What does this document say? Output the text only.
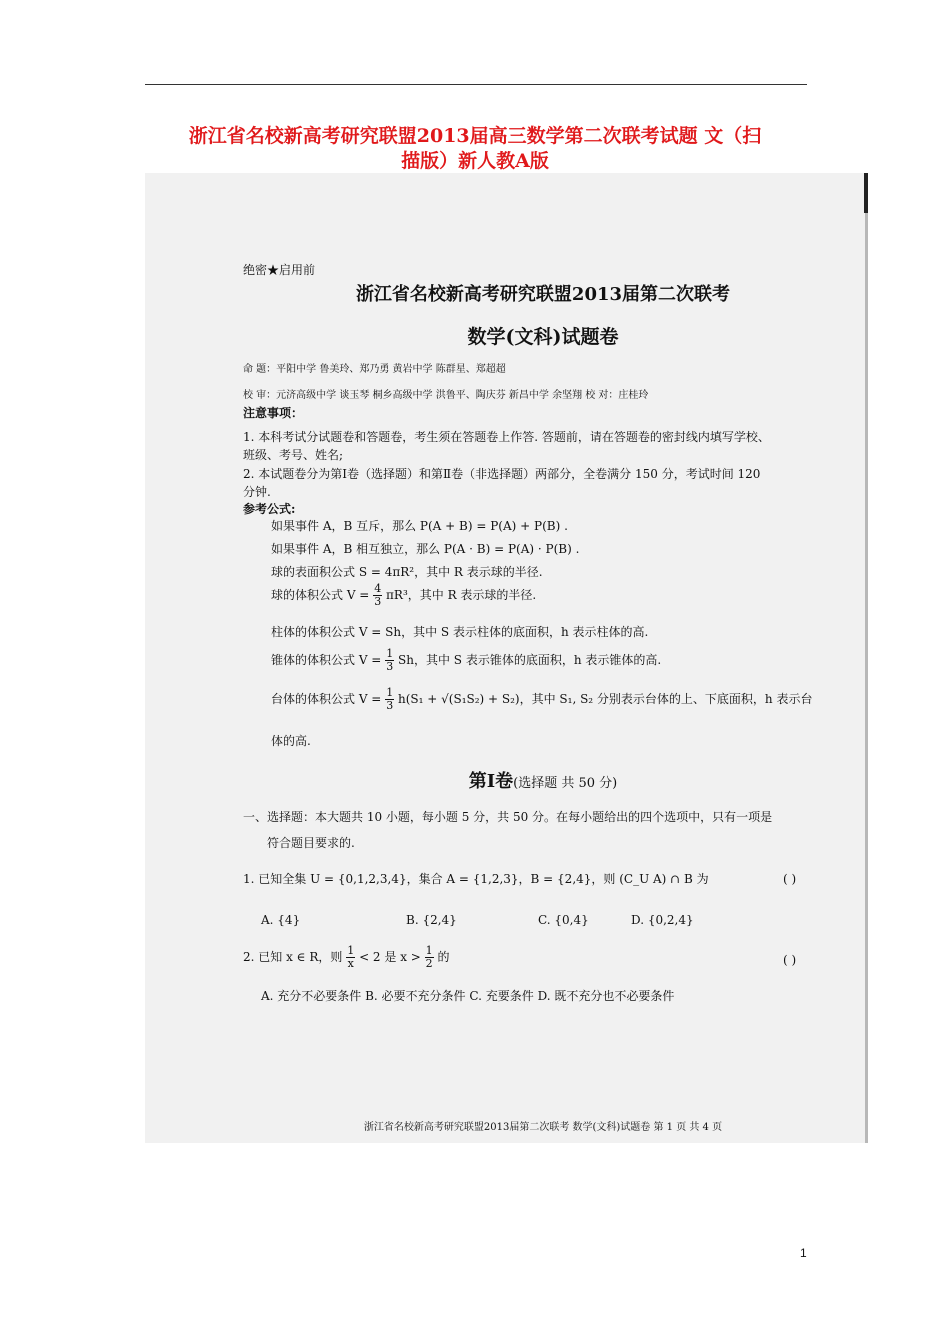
浙江省名校新高考研究联盟2013届高三数学第二次联考试题 文（扫
描版）新人教A版
绝密★启用前
浙江省名校新高考研究联盟2013届第二次联考
数学(文科)试题卷
命 题：平阳中学 鲁美玲、郑乃勇 黄岩中学 陈群星、郑超超
校 审：元济高级中学 谈玉琴 桐乡高级中学 洪鲁平、陶庆芬 新昌中学 余坚翔 校 对：庄桂玲
注意事项：
1. 本科考试分试题卷和答题卷，考生须在答题卷上作答. 答题前，请在答题卷的密封线内填写学校、
班级、考号、姓名;
2. 本试题卷分为第Ⅰ卷（选择题）和第Ⅱ卷（非选择题）两部分，全卷满分 150 分，考试时间 120
分钟.
参考公式:
如果事件 A，B 互斥，那么 P(A + B) = P(A) + P(B) .
如果事件 A，B 相互独立，那么 P(A · B) = P(A) · P(B) .
球的表面积公式 S = 4πR²，其中 R 表示球的半径.
球的体积公式 $V = \frac{4}{3} \pi R^3$，其中 R 表示球的半径.
柱体的体积公式 V = Sh，其中 S 表示柱体的底面积，h 表示柱体的高.
锥体的体积公式 $V = \frac{1}{3}$ Sh，其中 S 表示锥体的底面积，h 表示锥体的高.
台体的体积公式 $V = \frac{1}{3} h(S_1 + √(S_1S_2) + S_2)$，其中 S₁, S₂ 分别表示台体的上、下底面积，h 表示台
体的高.
第Ⅰ卷(选择题 共 50 分)
一、选择题：本大题共 10 小题，每小题 5 分，共 50 分。在每小题给出的四个选项中，只有一项是
符合题目要求的.
1. 已知全集 U = {0,1,2,3,4}，集合 A = {1,2,3}，B = {2,4}，则 (C_U A) ∩ B 为	( )
A. {4}	B. {2,4}	C. {0,4}	D. {0,2,4}
2. 已知 x ∈ R，则 $\frac{1}{x} < 2$ 是 $x > \frac{1}{2}$ 的	( )
A. 充分不必要条件 B. 必要不充分条件 C. 充要条件 D. 既不充分也不必要条件
浙江省名校新高考研究联盟2013届第二次联考 数学(文科)试题卷 第 1 页 共 4 页
1
